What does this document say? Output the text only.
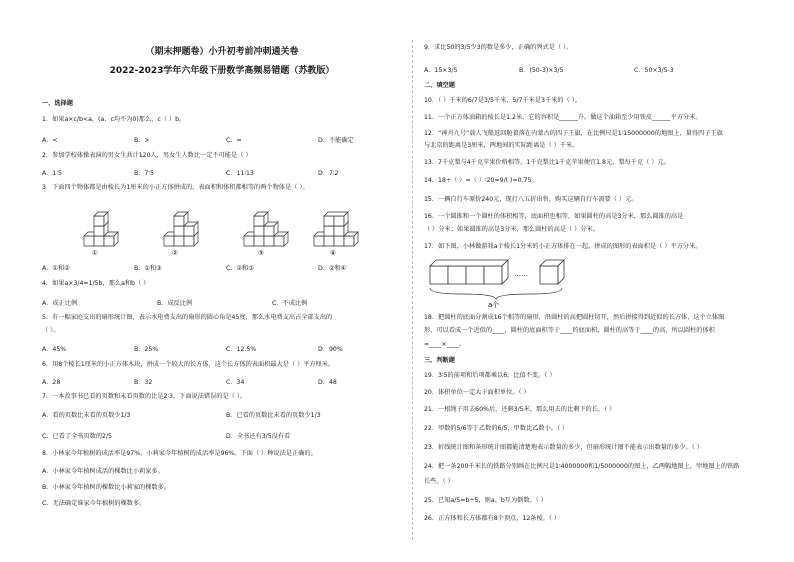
（期末押题卷）小升初考前冲刺通关卷
2022-2023学年六年级下册数学高频易错题（苏教版）
一、选择题
1．如果a×c/b<a，(a、c均不为0)那么，c（ ）b。
A．<	B．>	C．=	D．不能确定
2．参加学校体操表演的男女生共计120人，男女生人数比一定不可能是（ ）
A．1∶5	B．7∶5	C．11∶13	D．7∶2
3．下面四个物体都是由棱长为1厘米的小正方体拼成的，表面积和体积都相等的两个物体是（ ）。
①	②	③	④
A．①和②	B．①和③	C．②和③	D．②和④
4．如果a×3/4=1/5b，那么a和b（ ）
A．成正比例	B．成反比例	C．不成比例
5．有一幅家庭支出的扇形统计图，表示水电费支出的扇形的圆心角是45度，那么水电费支出占全部支出的
（ ）。
A．45%	B．25%	C．12.5%	D．90%
6．用8个棱长1厘米的小正方体木块，拼成一个较大的长方体，这个长方体的表面积最大是（ ）平方厘米。
A．28	B．32	C．34	D．48
7．一本故事书已看的页数和未看页数的比是2∶3，下面说法错误的是（ ）。
A．看的页数比未看的页数少1/3	B．已看的页数比未看的页数少1/3
C．已看了全书页数的2/5	D．全书还有3/5没有看
8．小林家今年植树的成活率是97%，小莉家今年植树的成活率是96%。下面（ ）种说法是正确的。
A．小林家今年植树成活的棵数比小莉家多。
B．小林家今年植树的棵数比小莉家的棵数多。
C．无法确定谁家今年植树的棵数多。
9．求比50的3/5少3的数是多少，正确的列式是（ ）。
A．15×3/5	B．(50-3)×3/5	C．50×3/5-3
二、填空题
10．（ ）千米的6/7是3/5千米，5/7千米是3千米的（ ）。
11．一个正方体油箱的棱长是1.2米，它的容积是______升。做这个油箱至少用铁皮______平方分米。
12．“神舟九号”载人飞船返回舱着落在内蒙古的四子王旗，在比例尺是1∶15000000的地图上，量得四子王旗
与北京的距离是3厘米，两地间的实际距离是（ ）千米。
13．7千克梨与4千克苹果价格相等，1千克梨比1千克苹果便宜1.8元，梨每千克（ ）元。
14．18÷（ ）=（ ）∶20=9/( )=0.75。
15．一辆自行车原价240元，现打八五折出售，购买这辆自行车需要（ ）元。
16．一个圆锥和一个圆柱的体积相等，底面积也相等，如果圆柱的高是3分米，那么圆锥的高是
（ ）分米；如果圆锥的高是3分米，那么圆柱的高是（ ）分米。
17．如下图，小林做游戏a个棱长1分米的小正方体排在一起，拼成的图形的表面积是（ ）平方分米。
……
a个
18．把圆柱的底面分割成16个相等的扇形，沿圆柱的高把圆柱切开，然后拼接得到近似的长方体，这个立体图
形，可以看成一个近似的____，圆柱的底面积等于____的底面积，圆柱的高等于____的高，所以圆柱的体积
=____×____。
三、判断题
19．3∶5的前项和后项都乘以6，比值不变。（ ）
20．体积单位一定大于面积单位。（ ）
21．一根绳子用去60%后，还剩3/5米，那么用去的比剩下的长。（ ）
22．甲数的5/6等于乙数的6/5，甲数比乙数小。（ ）
23．折线统计图和条形统计图都能清楚地表示数量的多少，但扇形统计图不能表示出数量的多少。（ ）
24．把一条200千米长的铁路分别画在比例尺是1∶4000000和1/5000000的图上，乙两幅地图上，甲地图上的铁路
长些。（ ）
25．已知a/5=b÷5，则a、b互为倒数。（ ）
26．正方体和长方体都有8个顶点，12条棱。（ ）
